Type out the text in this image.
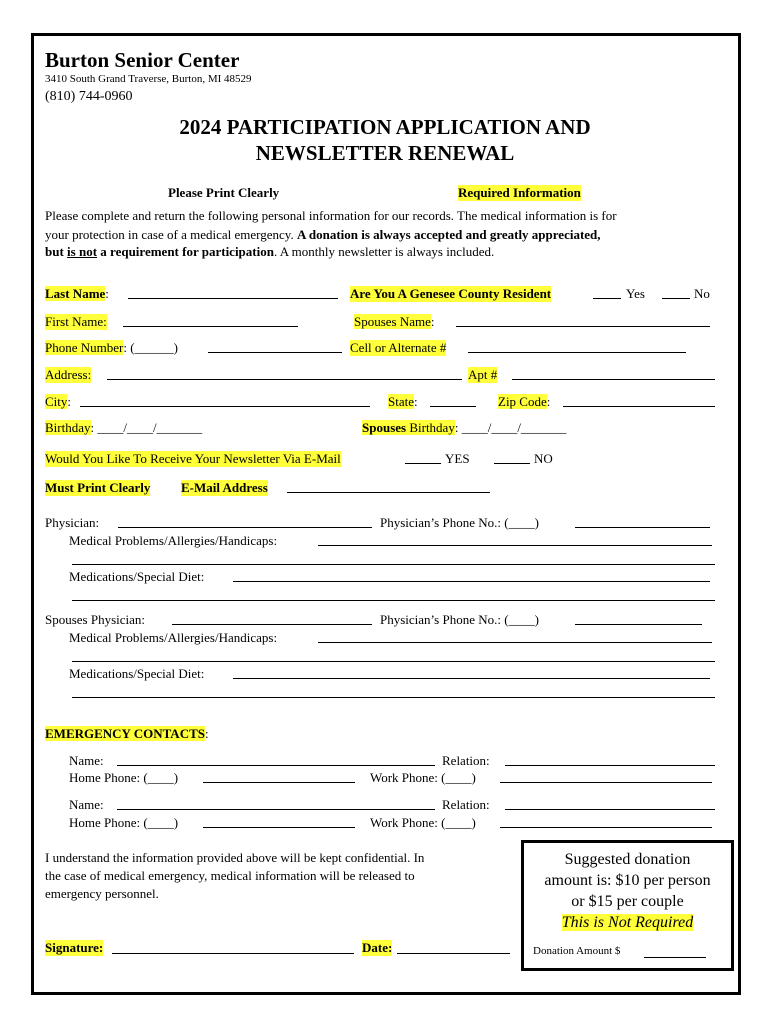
Burton Senior Center
3410 South Grand Traverse, Burton, MI 48529
(810) 744-0960
2024 PARTICIPATION APPLICATION AND
NEWSLETTER RENEWAL
Please Print Clearly	Required Information
Please complete and return the following personal information for our records. The medical information is for
your protection in case of a medical emergency. A donation is always accepted and greatly appreciated,
but is not a requirement for participation. A monthly newsletter is always included.
Last Name:	Are You A Genesee County Resident	Yes	No
First Name:	Spouses Name:
Phone Number: (______)	Cell or Alternate #
Address:	Apt #
City:	State:	Zip Code:
Birthday: ____/____/_______	Spouses Birthday: ____/____/_______
Would You Like To Receive Your Newsletter Via E-Mail	YES	NO
Must Print Clearly E-Mail Address
Physician:	Physician’s Phone No.: (____)
Medical Problems/Allergies/Handicaps:
Medications/Special Diet:
Spouses Physician:	Physician’s Phone No.: (____)
Medical Problems/Allergies/Handicaps:
Medications/Special Diet:
EMERGENCY CONTACTS:
Name:	Relation:
Home Phone: (____)	Work Phone: (____)
Name:	Relation:
Home Phone: (____)	Work Phone: (____)
I understand the information provided above will be kept confidential. In
the case of medical emergency, medical information will be released to
emergency personnel.
Signature:	Date:
Suggested donation
amount is: $10 per person
or $15 per couple
This is Not Required
Donation Amount $
